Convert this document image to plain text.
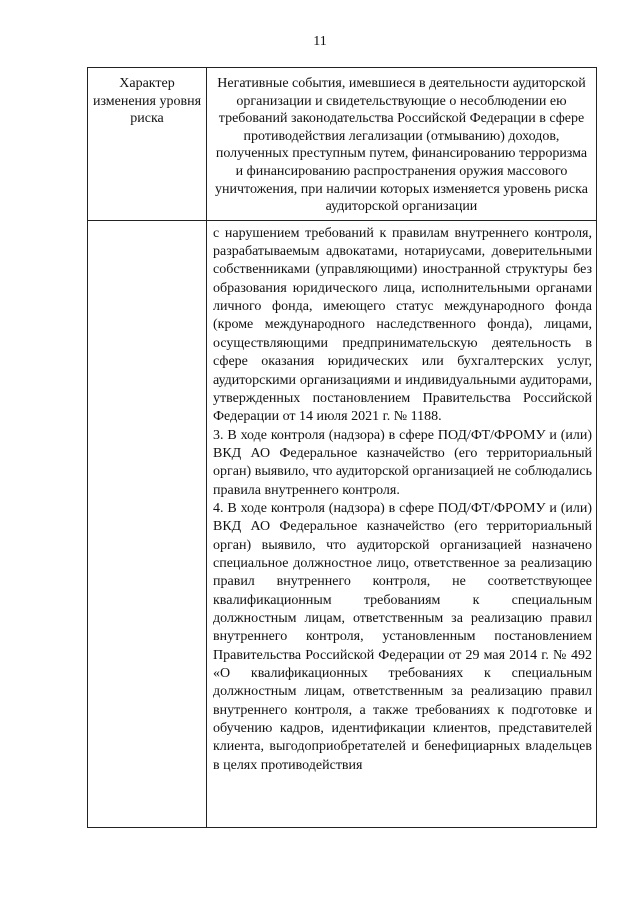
11
Характер изменения уровня риска	Негативные события, имевшиеся в деятельности аудиторской организации и свидетельствующие о несоблюдении ею требований законодательства Российской Федерации в сфере противодействия легализации (отмыванию) доходов, полученных преступным путем, финансированию терроризма и финансированию распространения оружия массового уничтожения, при наличии которых изменяется уровень риска аудиторской организации

	с нарушением требований к правилам внутреннего контроля, разрабатываемым адвокатами, нотариусами, доверительными собственниками (управляющими) иностранной структуры без образования юридического лица, исполнительными органами личного фонда, имеющего статус международного фонда (кроме международного наследственного фонда), лицами, осуществляющими предпринимательскую деятельность в сфере оказания юридических или бухгалтерских услуг, аудиторскими организациями и индивидуальными аудиторами, утвержденных постановлением Правительства Российской Федерации от 14 июля 2021 г. № 1188.

3. В ходе контроля (надзора) в сфере ПОД/ФТ/ФРОМУ и (или) ВКД АО Федеральное казначейство (его территориальный орган) выявило, что аудиторской организацией не соблюдались правила внутреннего контроля.

4. В ходе контроля (надзора) в сфере ПОД/ФТ/ФРОМУ и (или) ВКД АО Федеральное казначейство (его территориальный орган) выявило, что аудиторской организацией назначено специальное должностное лицо, ответственное за реализацию правил внутреннего контроля, не соответствующее квалификационным требованиям к специальным должностным лицам, ответственным за реализацию правил внутреннего контроля, установленным постановлением Правительства Российской Федерации от 29 мая 2014 г. № 492 «О квалификационных требованиях к специальным должностным лицам, ответственным за реализацию правил внутреннего контроля, а также требованиях к подготовке и обучению кадров, идентификации клиентов, представителей клиента, выгодоприобретателей и бенефициарных владельцев в целях противодействия
